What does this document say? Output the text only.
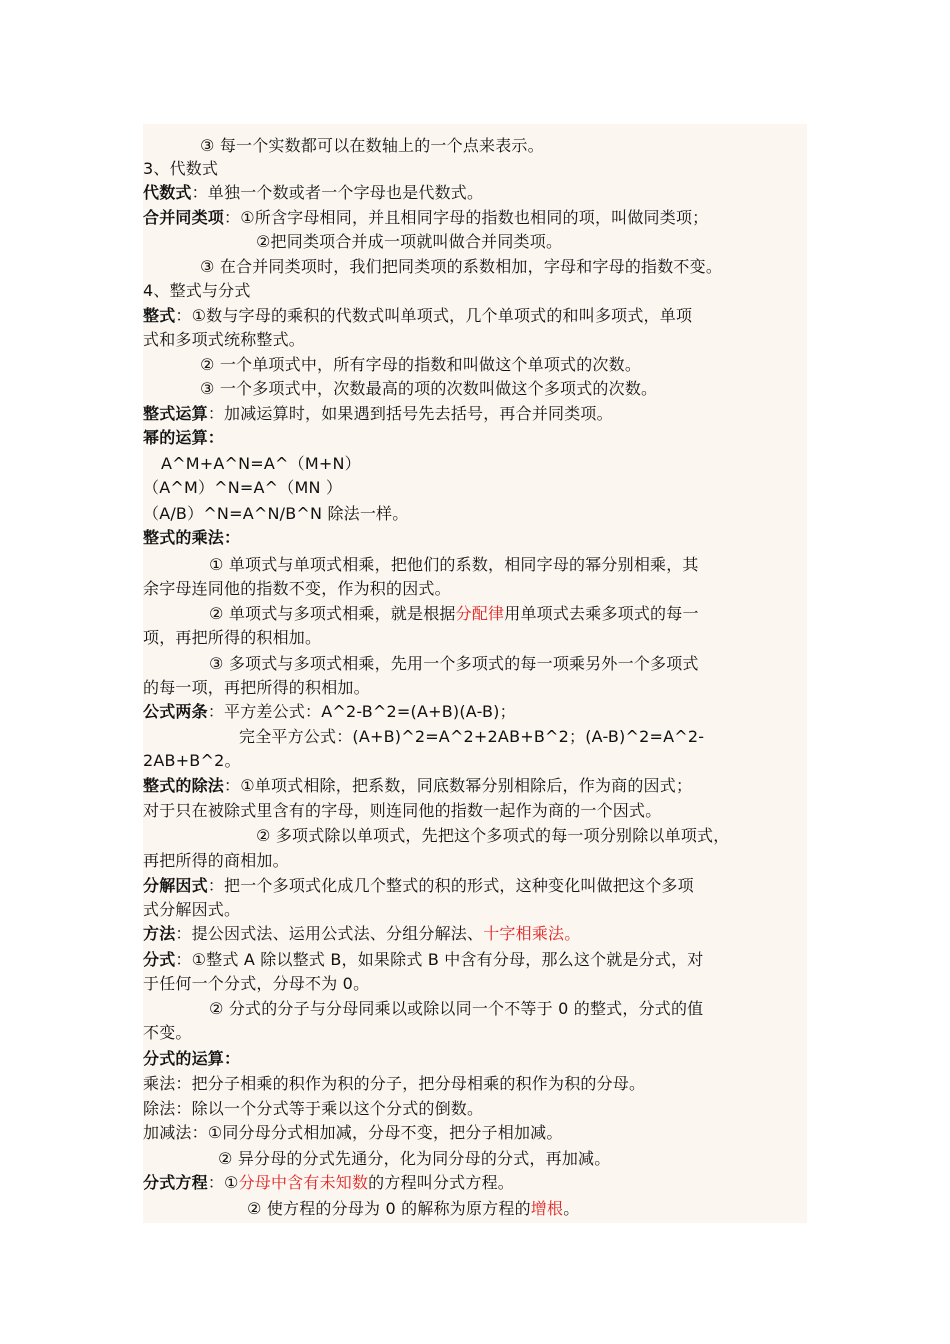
③ 每一个实数都可以在数轴上的一个点来表示。
3、代数式
代数式：单独一个数或者一个字母也是代数式。
合并同类项：①所含字母相同，并且相同字母的指数也相同的项，叫做同类项；
②把同类项合并成一项就叫做合并同类项。
③ 在合并同类项时，我们把同类项的系数相加，字母和字母的指数不变。
4、整式与分式
整式：①数与字母的乘积的代数式叫单项式，几个单项式的和叫多项式，单项
式和多项式统称整式。
② 一个单项式中，所有字母的指数和叫做这个单项式的次数。
③ 一个多项式中，次数最高的项的次数叫做这个多项式的次数。
整式运算：加减运算时，如果遇到括号先去括号，再合并同类项。
幂的运算：
A^M+A^N=A^（M+N）
（A^M）^N=A^（MN ）
（A/B）^N=A^N/B^N 除法一样。
整式的乘法：
① 单项式与单项式相乘，把他们的系数，相同字母的幂分别相乘，其
余字母连同他的指数不变，作为积的因式。
② 单项式与多项式相乘，就是根据分配律用单项式去乘多项式的每一
项，再把所得的积相加。
③ 多项式与多项式相乘，先用一个多项式的每一项乘另外一个多项式
的每一项，再把所得的积相加。
公式两条：平方差公式：A^2-B^2=(A+B)(A-B)；
完全平方公式：(A+B)^2=A^2+2AB+B^2；(A-B)^2=A^2-
2AB+B^2。
整式的除法：①单项式相除，把系数，同底数幂分别相除后，作为商的因式；
对于只在被除式里含有的字母，则连同他的指数一起作为商的一个因式。
② 多项式除以单项式，先把这个多项式的每一项分别除以单项式，
再把所得的商相加。
分解因式：把一个多项式化成几个整式的积的形式，这种变化叫做把这个多项
式分解因式。
方法：提公因式法、运用公式法、分组分解法、十字相乘法。
分式：①整式 A 除以整式 B，如果除式 B 中含有分母，那么这个就是分式，对
于任何一个分式，分母不为 0。
② 分式的分子与分母同乘以或除以同一个不等于 0 的整式，分式的值
不变。
分式的运算：
乘法：把分子相乘的积作为积的分子，把分母相乘的积作为积的分母。
除法：除以一个分式等于乘以这个分式的倒数。
加减法：①同分母分式相加减，分母不变，把分子相加减。
② 异分母的分式先通分，化为同分母的分式，再加减。
分式方程：①分母中含有未知数的方程叫分式方程。
② 使方程的分母为 0 的解称为原方程的增根。
